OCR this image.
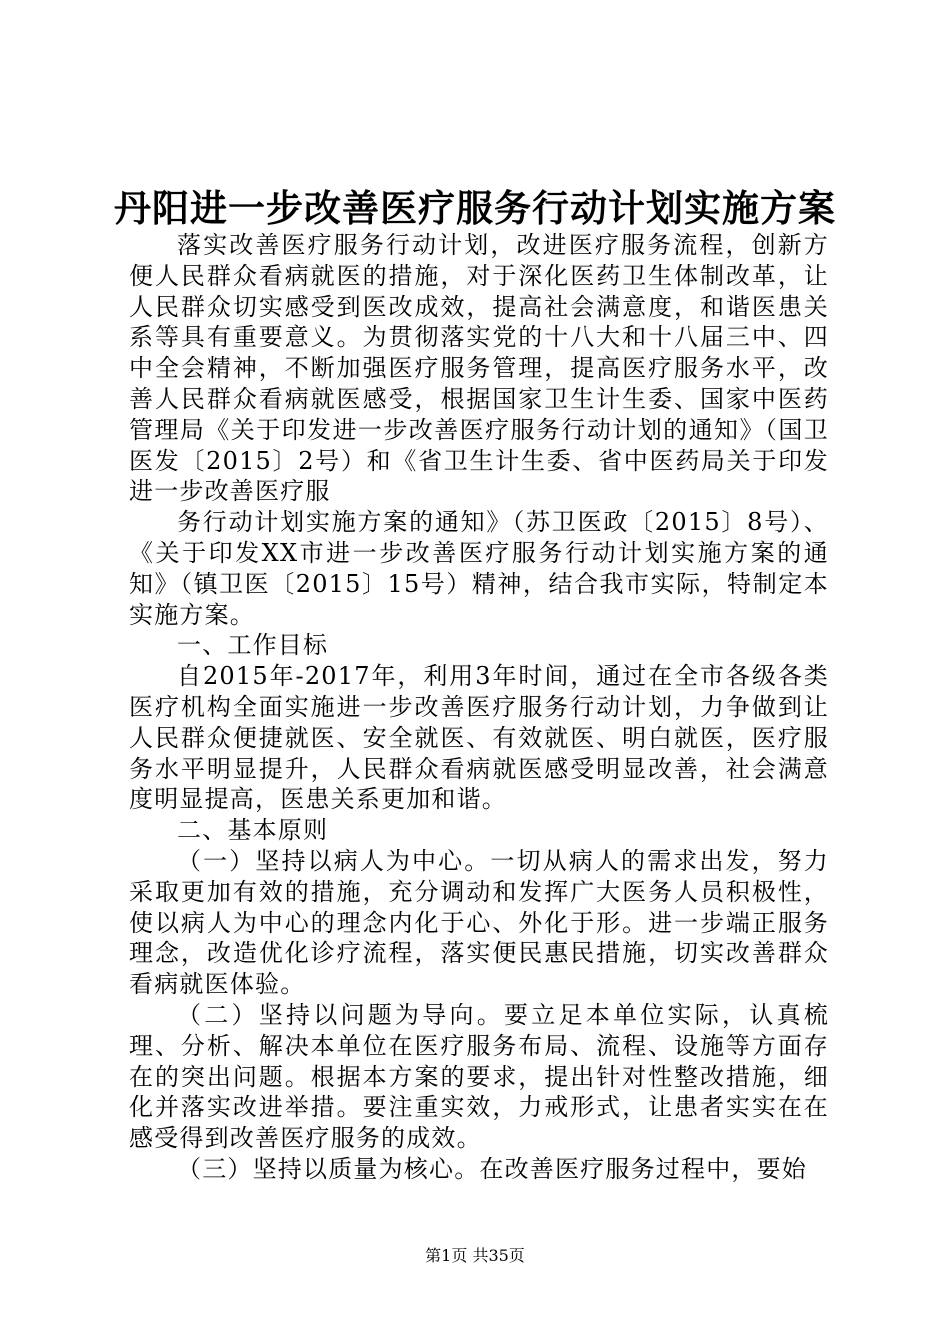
丹阳进一步改善医疗服务行动计划实施方案

落实改善医疗服务行动计划，改进医疗服务流程，创新方便人民群众看病就医的措施，对于深化医药卫生体制改革，让人民群众切实感受到医改成效，提高社会满意度，和谐医患关系等具有重要意义。为贯彻落实党的十八大和十八届三中、四中全会精神，不断加强医疗服务管理，提高医疗服务水平，改善人民群众看病就医感受，根据国家卫生计生委、国家中医药管理局《关于印发进一步改善医疗服务行动计划的通知》（国卫医发〔2015〕2号）和《省卫生计生委、省中医药局关于印发进一步改善医疗服

务行动计划实施方案的通知》（苏卫医政〔2015〕8号）、《关于印发XX市进一步改善医疗服务行动计划实施方案的通知》（镇卫医〔2015〕15号）精神，结合我市实际，特制定本实施方案。

一、工作目标

自2015年-2017年，利用3年时间，通过在全市各级各类医疗机构全面实施进一步改善医疗服务行动计划，力争做到让人民群众便捷就医、安全就医、有效就医、明白就医，医疗服务水平明显提升，人民群众看病就医感受明显改善，社会满意度明显提高，医患关系更加和谐。

二、基本原则

（一）坚持以病人为中心。一切从病人的需求出发，努力采取更加有效的措施，充分调动和发挥广大医务人员积极性，使以病人为中心的理念内化于心、外化于形。进一步端正服务理念，改造优化诊疗流程，落实便民惠民措施，切实改善群众看病就医体验。

（二）坚持以问题为导向。要立足本单位实际，认真梳理、分析、解决本单位在医疗服务布局、流程、设施等方面存在的突出问题。根据本方案的要求，提出针对性整改措施，细化并落实改进举措。要注重实效，力戒形式，让患者实实在在感受得到改善医疗服务的成效。

（三）坚持以质量为核心。在改善医疗服务过程中，要始

第1页 共35页
